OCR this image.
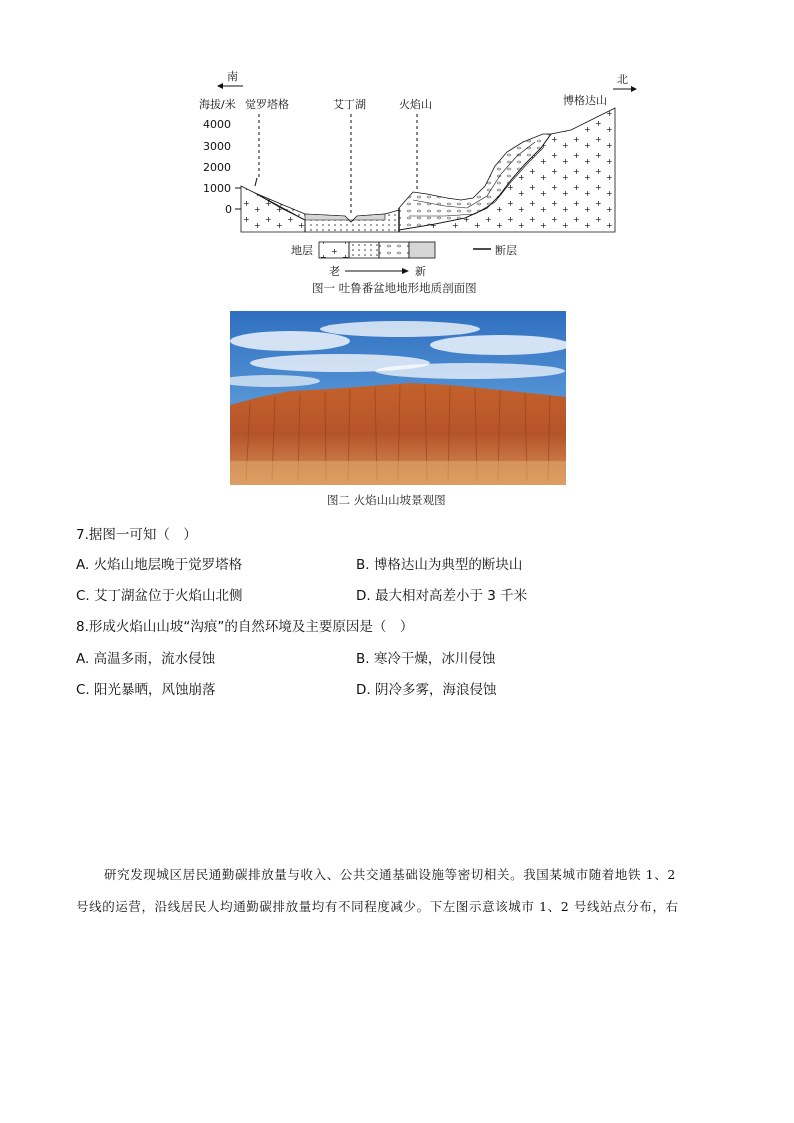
南	北
海拔/米
4000
3000
2000
1000
0
觉罗塔格	艾丁湖	火焰山	博格达山
地层	断层
老	新
图一 吐鲁番盆地地形地质剖面图
图二 火焰山山坡景观图
7.据图一可知（　）
A. 火焰山地层晚于觉罗塔格	B. 博格达山为典型的断块山
C. 艾丁湖盆位于火焰山北侧	D. 最大相对高差小于 3 千米
8.形成火焰山山坡“沟痕”的自然环境及主要原因是（　）
A. 高温多雨，流水侵蚀	B. 寒冷干燥，冰川侵蚀
C. 阳光暴晒，风蚀崩落	D. 阴冷多雾，海浪侵蚀
研究发现城区居民通勤碳排放量与收入、公共交通基础设施等密切相关。我国某城市随着地铁 1、2
号线的运营，沿线居民人均通勤碳排放量均有不同程度减少。下左图示意该城市 1、2 号线站点分布，右
